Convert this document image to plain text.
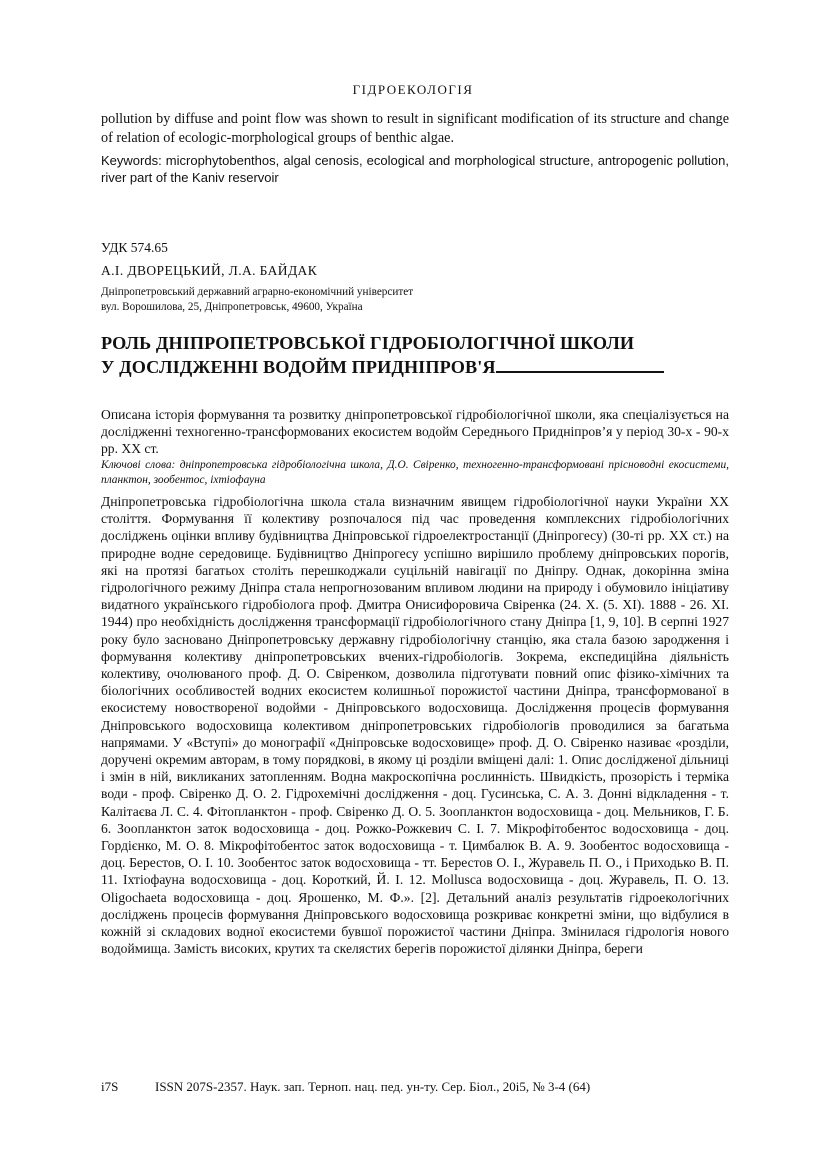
ГІДРОЕКОЛОГІЯ
pollution by diffuse and point flow was shown to result in significant modification of its structure and change of relation of ecologic-morphological groups of benthic algae.
Keywords: microphytobenthos, algal cenosis, ecological and morphological structure, antropogenic pollution, river part of the Kaniv reservoir
УДК 574.65
А.І. ДВОРЕЦЬКИЙ, Л.А. БАЙДАК
Дніпропетровський державний аграрно-економічний університет
вул. Ворошилова, 25, Дніпропетровськ, 49600, Україна
РОЛЬ ДНІПРОПЕТРОВСЬКОЇ ГІДРОБІОЛОГІЧНОЇ ШКОЛИ
У ДОСЛІДЖЕННІ ВОДОЙМ ПРИДНІПРОВ'Я
Описана історія формування та розвитку дніпропетровської гідробіологічної школи, яка спеціалізується на дослідженні техногенно-трансформованих екосистем водойм Середнього Придніпров’я у період 30-х - 90-х рр. ХХ ст.
Ключові слова: дніпропетровська гідробіологічна школа, Д.О. Свіренко, техногенно-трансформовані прісноводні екосистеми, планктон, зообентос, іхтіофауна
Дніпропетровська гідробіологічна школа стала визначним явищем гідробіологічної науки України ХХ століття. Формування її колективу розпочалося під час проведення комплексних гідробіологічних досліджень оцінки впливу будівництва Дніпровської гідроелектростанції (Дніпрогесу) (30-ті рр. ХХ ст.) на природне водне середовище. Будівництво Дніпрогесу успішно вирішило проблему дніпровських порогів, які на протязі багатьох століть перешкоджали суцільній навігації по Дніпру. Однак, докорінна зміна гідрологічного режиму Дніпра стала непрогнозованим впливом людини на природу і обумовило ініціативу видатного українського гідробіолога проф. Дмитра Онисифоровича Свіренка (24. Х. (5. ХІ). 1888 - 26. ХІ. 1944) про необхідність дослідження трансформації гідробіологічного стану Дніпра [1, 9, 10]. В серпні 1927 року було засновано Дніпропетровську державну гідробіологічну станцію, яка стала базою зародження і формування колективу дніпропетровських вчених-гідробіологів. Зокрема, експедиційна діяльність колективу, очолюваного проф. Д. О. Свіренком, дозволила підготувати повний опис фізико-хімічних та біологічних особливостей водних екосистем колишньої порожистої частини Дніпра, трансформованої в екосистему новоствореної водойми - Дніпровського водосховища. Дослідження процесів формування Дніпровського водосховища колективом дніпропетровських гідробіологів проводилися за багатьма напрямами. У «Вступі» до монографії «Дніпровське водосховище» проф. Д. О. Свіренко називає «розділи, доручені окремим авторам, в тому порядкові, в якому ці розділи вміщені далі: 1. Опис дослідженої дільниці і змін в ній, викликаних затопленням. Водна макроскопічна рослинність. Швидкість, прозорість і терміка води - проф. Свіренко Д. О. 2. Гідрохемічні дослідження - доц. Гусинська, С. А. 3. Донні відкладення - т. Калітаєва Л. С. 4. Фітопланктон - проф. Свіренко Д. О. 5. Зоопланктон водосховища - доц. Мельников, Г. Б. 6. Зоопланктон заток водосховища - доц. Рожко-Рожкевич С. І. 7. Мікрофітобентос водосховища - доц. Гордієнко, М. О. 8. Мікрофітобентос заток водосховища - т. Цимбалюк В. А. 9. Зообентос водосховища - доц. Берестов, О. І. 10. Зообентос заток водосховища - тт. Берестов О. І., Журавель П. О., і Приходько В. П. 11. Іхтіофауна водосховища - доц. Короткий, Й. І. 12. Mollusca водосховища - доц. Журавель, П. О. 13. Oligochaeta водосховища - доц. Ярошенко, М. Ф.». [2]. Детальний аналіз результатів гідроекологічних досліджень процесів формування Дніпровського водосховища розкриває конкретні зміни, що відбулися в кожній зі складових водної екосистеми бувшої порожистої частини Дніпра. Змінилася гідрологія нового водоймища. Замість високих, крутих та скелястих берегів порожистої ділянки Дніпра, береги
i7S	ISSN 207S-2357. Наук. зап. Терноп. нац. пед. ун-ту. Сер. Біол., 20i5, № 3-4 (64)
